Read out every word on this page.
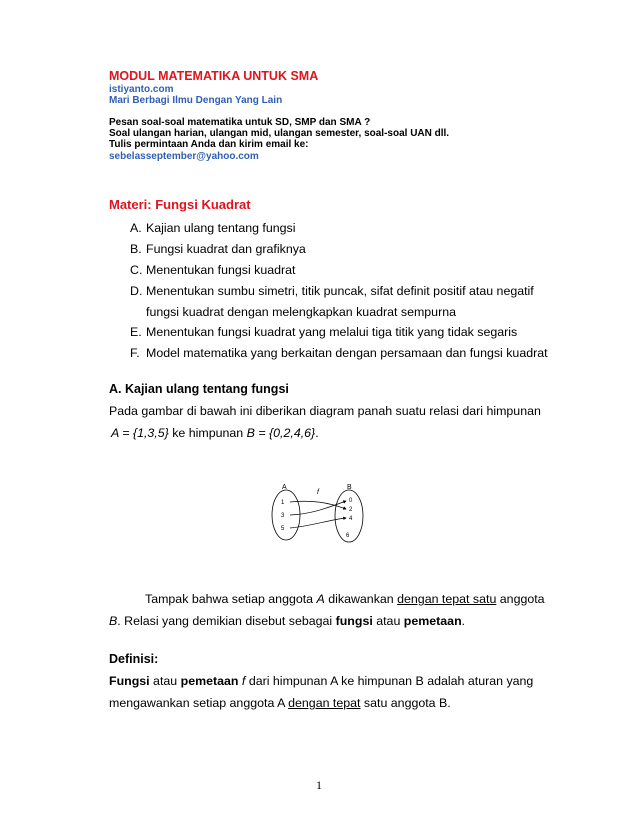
MODUL MATEMATIKA UNTUK SMA
istiyanto.com
Mari Berbagi Ilmu Dengan Yang Lain
Pesan soal-soal matematika untuk SD, SMP dan SMA ?
Soal ulangan harian, ulangan mid, ulangan semester, soal-soal UAN dll.
Tulis permintaan Anda dan kirim email ke:
sebelasseptember@yahoo.com
Materi: Fungsi Kuadrat
A. Kajian ulang tentang fungsi
B. Fungsi kuadrat dan grafiknya
C. Menentukan fungsi kuadrat
D. Menentukan sumbu simetri, titik puncak, sifat definit positif atau negatif
fungsi kuadrat dengan melengkapkan kuadrat sempurna
E. Menentukan fungsi kuadrat yang melalui tiga titik yang tidak segaris
F. Model matematika yang berkaitan dengan persamaan dan fungsi kuadrat
A. Kajian ulang tentang fungsi
Pada gambar di bawah ini diberikan diagram panah suatu relasi dari himpunan
A = {1,3,5} ke himpunan B = {0,2,4,6}.
A	B
f
1
3
5
0
2
4
6
Tampak bahwa setiap anggota A dikawankan dengan tepat satu anggota
B. Relasi yang demikian disebut sebagai fungsi atau pemetaan.
Definisi:
Fungsi atau pemetaan f dari himpunan A ke himpunan B adalah aturan yang
mengawankan setiap anggota A dengan tepat satu anggota B.
1
